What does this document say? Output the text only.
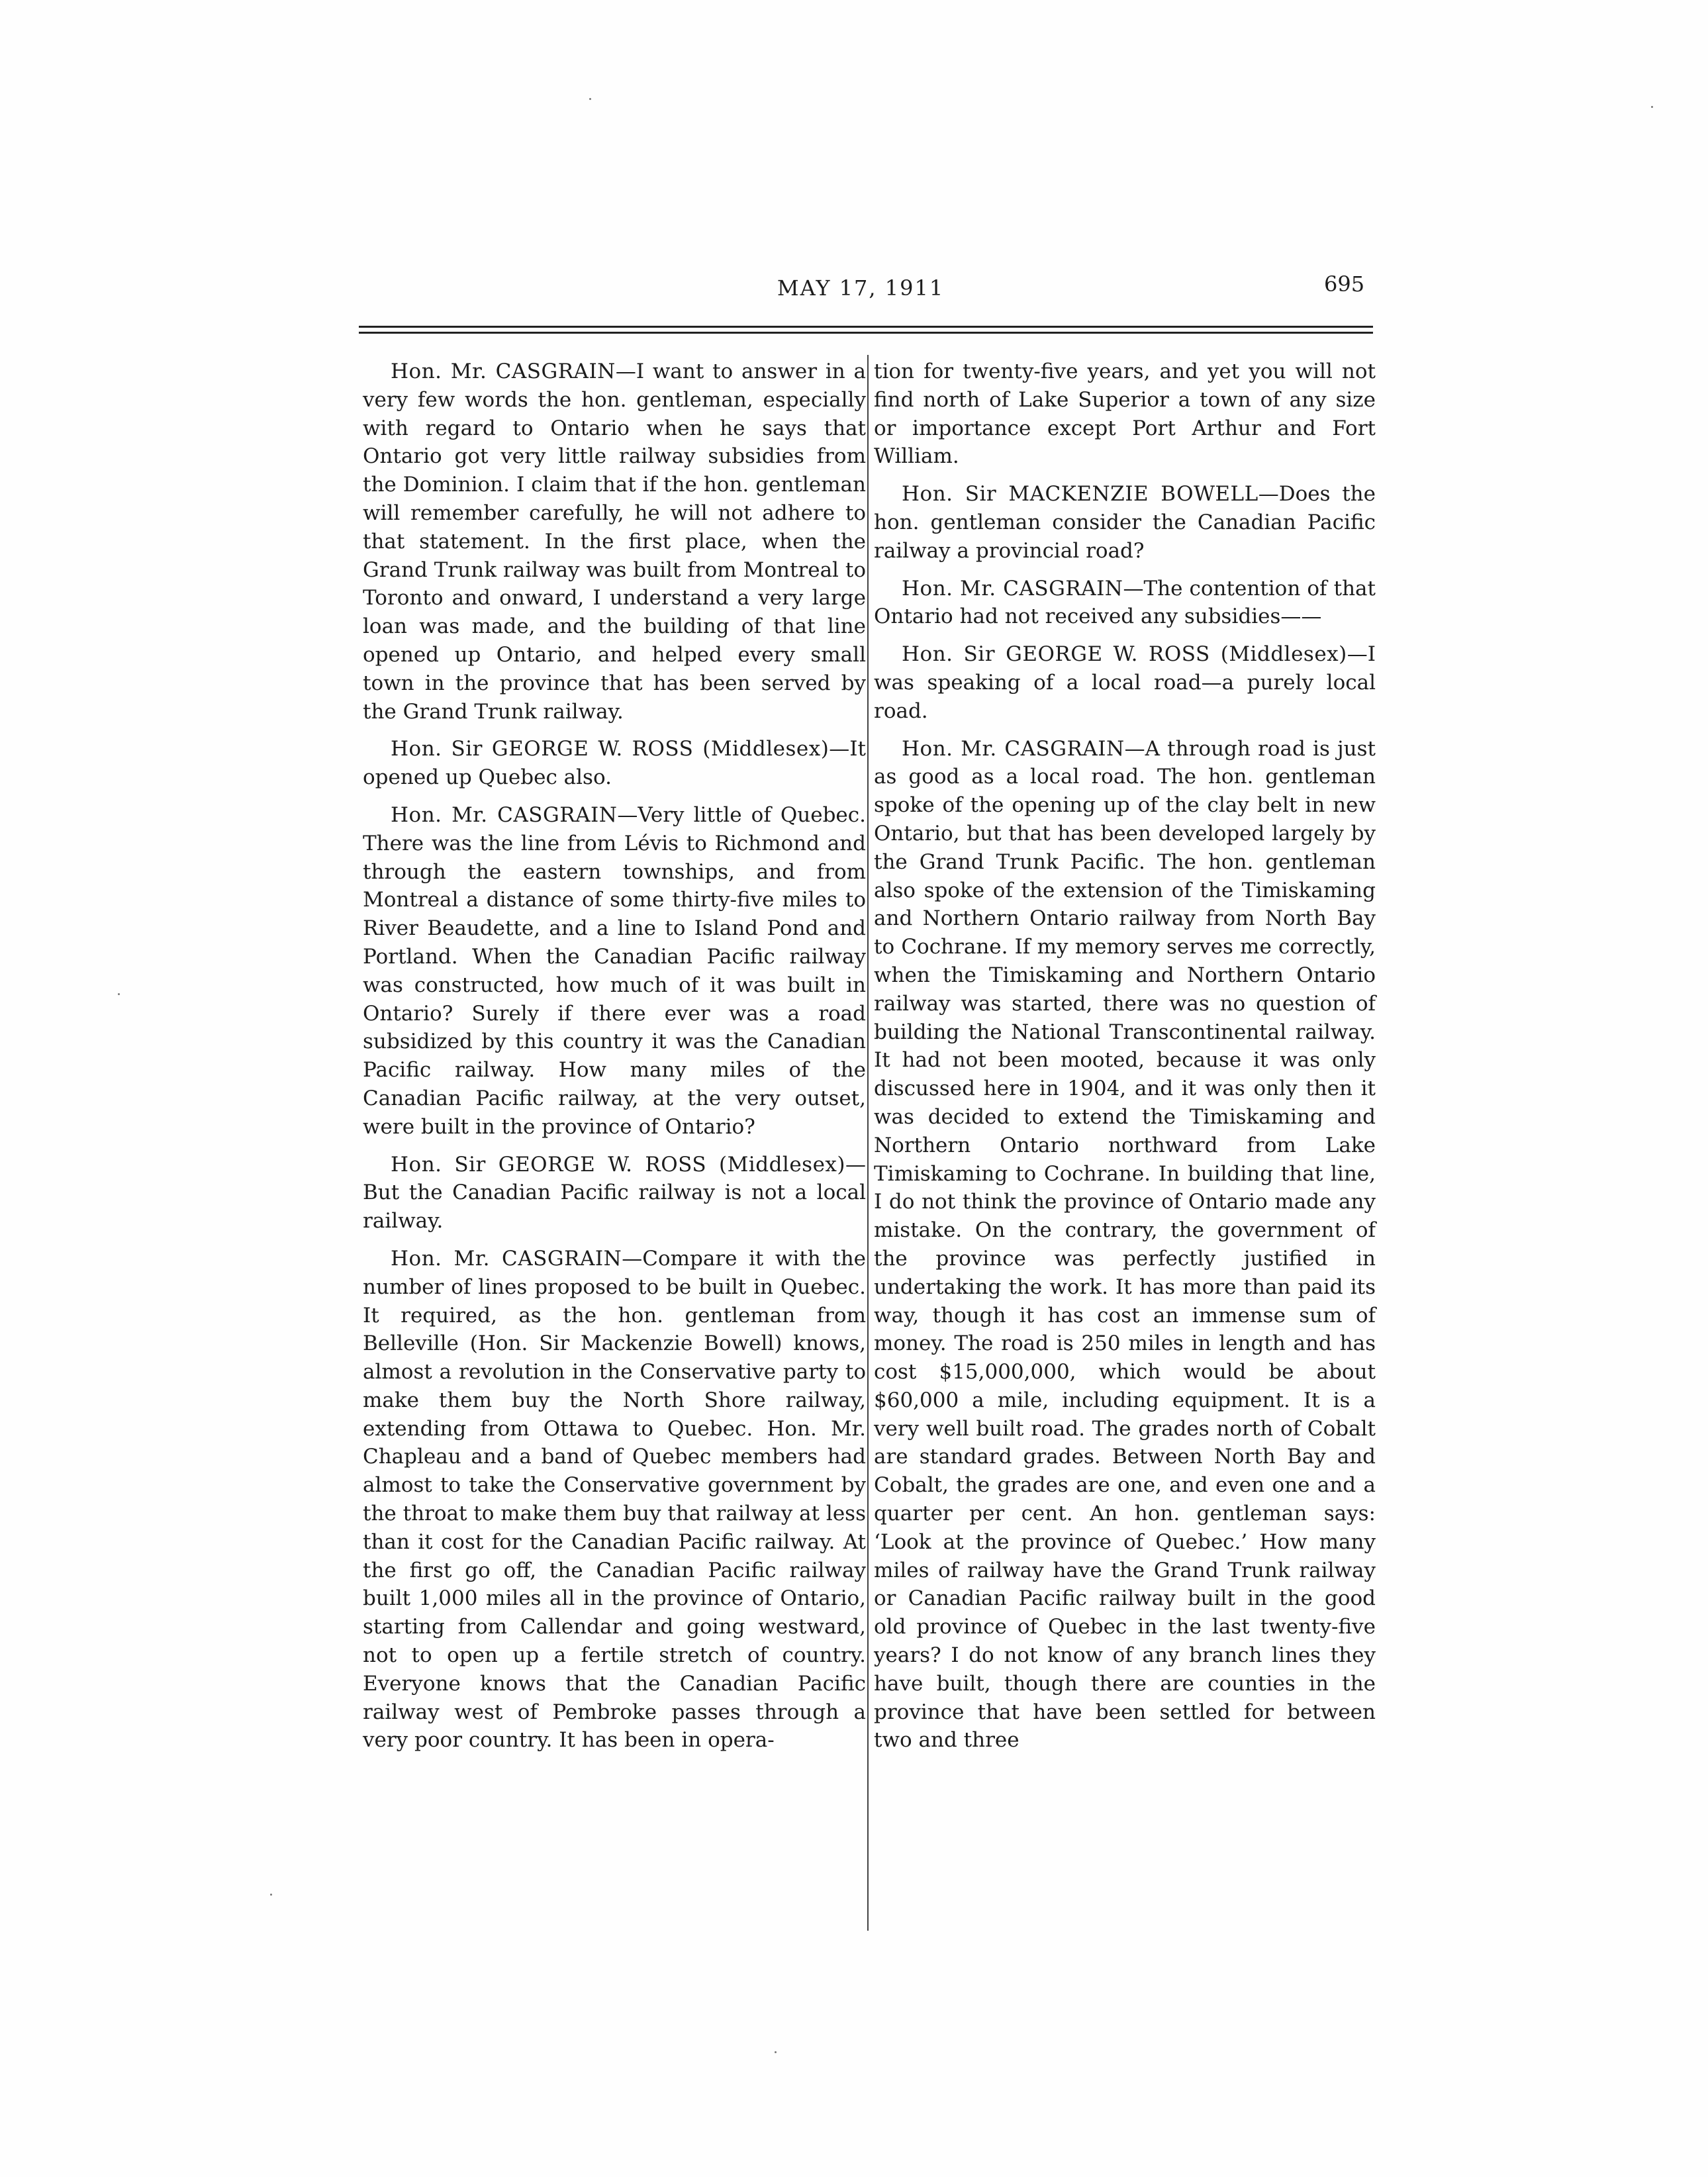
MAY 17, 1911	695

Hon. Mr. CASGRAIN—I want to answer in a very few words the hon. gentleman, especially with regard to Ontario when he says that Ontario got very little railway subsidies from the Dominion. I claim that if the hon. gentleman will remember carefully, he will not adhere to that statement. In the first place, when the Grand Trunk railway was built from Montreal to Toronto and onward, I understand a very large loan was made, and the building of that line opened up Ontario, and helped every small town in the province that has been served by the Grand Trunk railway.

Hon. Sir GEORGE W. ROSS (Middlesex)—It opened up Quebec also.

Hon. Mr. CASGRAIN—Very little of Quebec. There was the line from Lévis to Richmond and through the eastern townships, and from Montreal a distance of some thirty-five miles to River Beaudette, and a line to Island Pond and Portland. When the Canadian Pacific railway was constructed, how much of it was built in Ontario? Surely if there ever was a road subsidized by this country it was the Canadian Pacific railway. How many miles of the Canadian Pacific railway, at the very outset, were built in the province of Ontario?

Hon. Sir GEORGE W. ROSS (Middlesex)—But the Canadian Pacific railway is not a local railway.

Hon. Mr. CASGRAIN—Compare it with the number of lines proposed to be built in Quebec. It required, as the hon. gentleman from Belleville (Hon. Sir Mackenzie Bowell) knows, almost a revolution in the Conservative party to make them buy the North Shore railway, extending from Ottawa to Quebec. Hon. Mr. Chapleau and a band of Quebec members had almost to take the Conservative government by the throat to make them buy that railway at less than it cost for the Canadian Pacific railway. At the first go off, the Canadian Pacific railway built 1,000 miles all in the province of Ontario, starting from Callendar and going westward, not to open up a fertile stretch of country. Everyone knows that the Canadian Pacific railway west of Pembroke passes through a very poor country. It has been in opera-

tion for twenty-five years, and yet you will not find north of Lake Superior a town of any size or importance except Port Arthur and Fort William.

Hon. Sir MACKENZIE BOWELL—Does the hon. gentleman consider the Canadian Pacific railway a provincial road?

Hon. Mr. CASGRAIN—The contention of that Ontario had not received any subsidies——

Hon. Sir GEORGE W. ROSS (Middlesex)—I was speaking of a local road—a purely local road.

Hon. Mr. CASGRAIN—A through road is just as good as a local road. The hon. gentleman spoke of the opening up of the clay belt in new Ontario, but that has been developed largely by the Grand Trunk Pacific. The hon. gentleman also spoke of the extension of the Timiskaming and Northern Ontario railway from North Bay to Cochrane. If my memory serves me correctly, when the Timiskaming and Northern Ontario railway was started, there was no question of building the National Transcontinental railway. It had not been mooted, because it was only discussed here in 1904, and it was only then it was decided to extend the Timiskaming and Northern Ontario northward from Lake Timiskaming to Cochrane. In building that line, I do not think the province of Ontario made any mistake. On the contrary, the government of the province was perfectly justified in undertaking the work. It has more than paid its way, though it has cost an immense sum of money. The road is 250 miles in length and has cost $15,000,000, which would be about $60,000 a mile, including equipment. It is a very well built road. The grades north of Cobalt are standard grades. Between North Bay and Cobalt, the grades are one, and even one and a quarter per cent. An hon. gentleman says: ‘Look at the province of Quebec.’ How many miles of railway have the Grand Trunk railway or Canadian Pacific railway built in the good old province of Quebec in the last twenty-five years? I do not know of any branch lines they have built, though there are counties in the province that have been settled for between two and three
